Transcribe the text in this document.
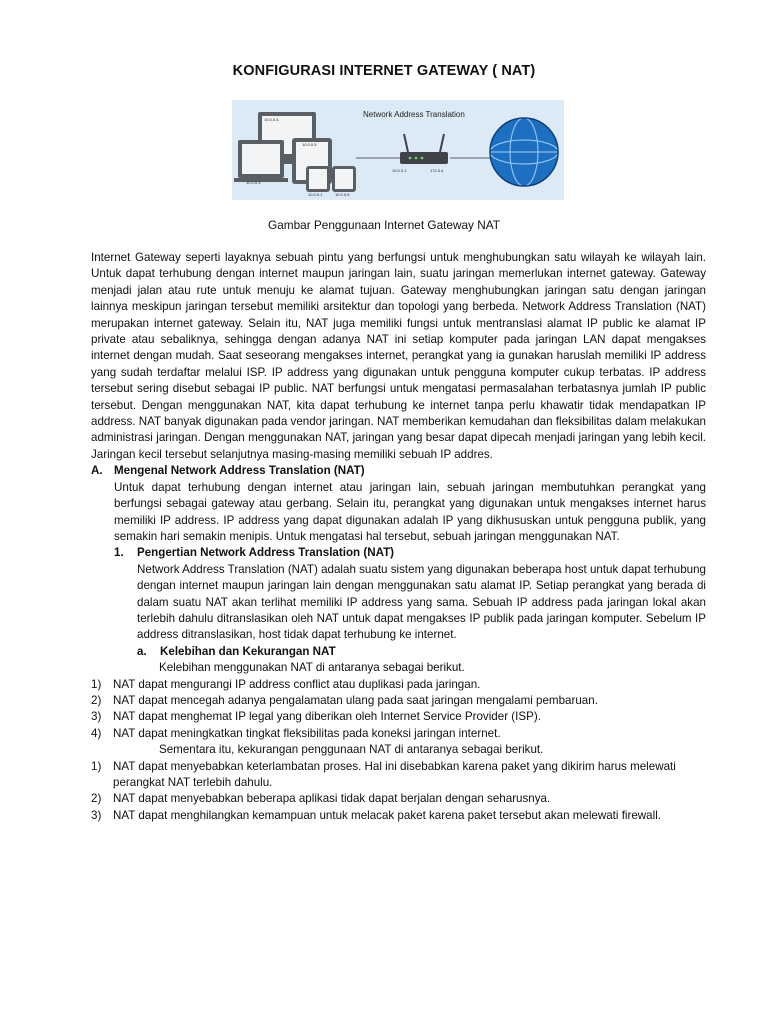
KONFIGURASI INTERNET GATEWAY ( NAT)
Network Address Translation
10.0.0.4
10.0.0.5
10.0.0.3
10.0.0.1	10.0.0.6
10.0.0.1	172.3.4
Gambar Penggunaan Internet Gateway NAT

Internet Gateway seperti layaknya sebuah pintu yang berfungsi untuk menghubungkan satu wilayah ke wilayah lain. Untuk dapat terhubung dengan internet maupun jaringan lain, suatu jaringan memerlukan internet gateway. Gateway menjadi jalan atau rute untuk menuju ke alamat tujuan. Gateway menghubungkan jaringan satu dengan jaringan lainnya meskipun jaringan tersebut memiliki arsitektur dan topologi yang berbeda. Network Address Translation (NAT) merupakan internet gateway. Selain itu, NAT juga memiliki fungsi untuk mentranslasi alamat IP public ke alamat IP private atau sebaliknya, sehingga dengan adanya NAT ini setiap komputer pada jaringan LAN dapat mengakses internet dengan mudah. Saat seseorang mengakses internet, perangkat yang ia gunakan haruslah memiliki IP address yang sudah terdaftar melalui ISP. IP address yang digunakan untuk pengguna komputer cukup terbatas. IP address tersebut sering disebut sebagai IP public. NAT berfungsi untuk mengatasi permasalahan terbatasnya jumlah IP public tersebut. Dengan menggunakan NAT, kita dapat terhubung ke internet tanpa perlu khawatir tidak mendapatkan IP address. NAT banyak digunakan pada vendor jaringan. NAT memberikan kemudahan dan fleksibilitas dalam melakukan administrasi jaringan. Dengan menggunakan NAT, jaringan yang besar dapat dipecah menjadi jaringan yang lebih kecil. Jaringan kecil tersebut selanjutnya masing-masing memiliki sebuah IP addres.

A. Mengenal Network Address Translation (NAT)

Untuk dapat terhubung dengan internet atau jaringan lain, sebuah jaringan membutuhkan perangkat yang berfungsi sebagai gateway atau gerbang. Selain itu, perangkat yang digunakan untuk mengakses internet harus memiliki IP address. IP address yang dapat digunakan adalah IP yang dikhususkan untuk pengguna publik, yang semakin hari semakin menipis. Untuk mengatasi hal tersebut, sebuah jaringan menggunakan NAT.

1.	Pengertian Network Address Translation (NAT)

Network Address Translation (NAT) adalah suatu sistem yang digunakan beberapa host untuk dapat terhubung dengan internet maupun jaringan lain dengan menggunakan satu alamat IP. Setiap perangkat yang berada di dalam suatu NAT akan terlihat memiliki IP address yang sama. Sebuah IP address pada jaringan lokal akan terlebih dahulu ditranslasikan oleh NAT untuk dapat mengakses IP publik pada jaringan komputer. Sebelum IP address ditranslasikan, host tidak dapat terhubung ke internet.

a.	Kelebihan dan Kekurangan NAT

Kelebihan menggunakan NAT di antaranya sebagai berikut.

1)	NAT dapat mengurangi IP address conflict atau duplikasi pada jaringan.
2)	NAT dapat mencegah adanya pengalamatan ulang pada saat jaringan mengalami pembaruan.
3)	NAT dapat menghemat IP legal yang diberikan oleh Internet Service Provider (ISP).
4)	NAT dapat meningkatkan tingkat fleksibilitas pada koneksi jaringan internet.

Sementara itu, kekurangan penggunaan NAT di antaranya sebagai berikut.

1)	NAT dapat menyebabkan keterlambatan proses. Hal ini disebabkan karena paket yang dikirim harus melewati perangkat NAT terlebih dahulu.
2)	NAT dapat menyebabkan beberapa aplikasi tidak dapat berjalan dengan seharusnya.
3)	NAT dapat menghilangkan kemampuan untuk melacak paket karena paket tersebut akan melewati firewall.
